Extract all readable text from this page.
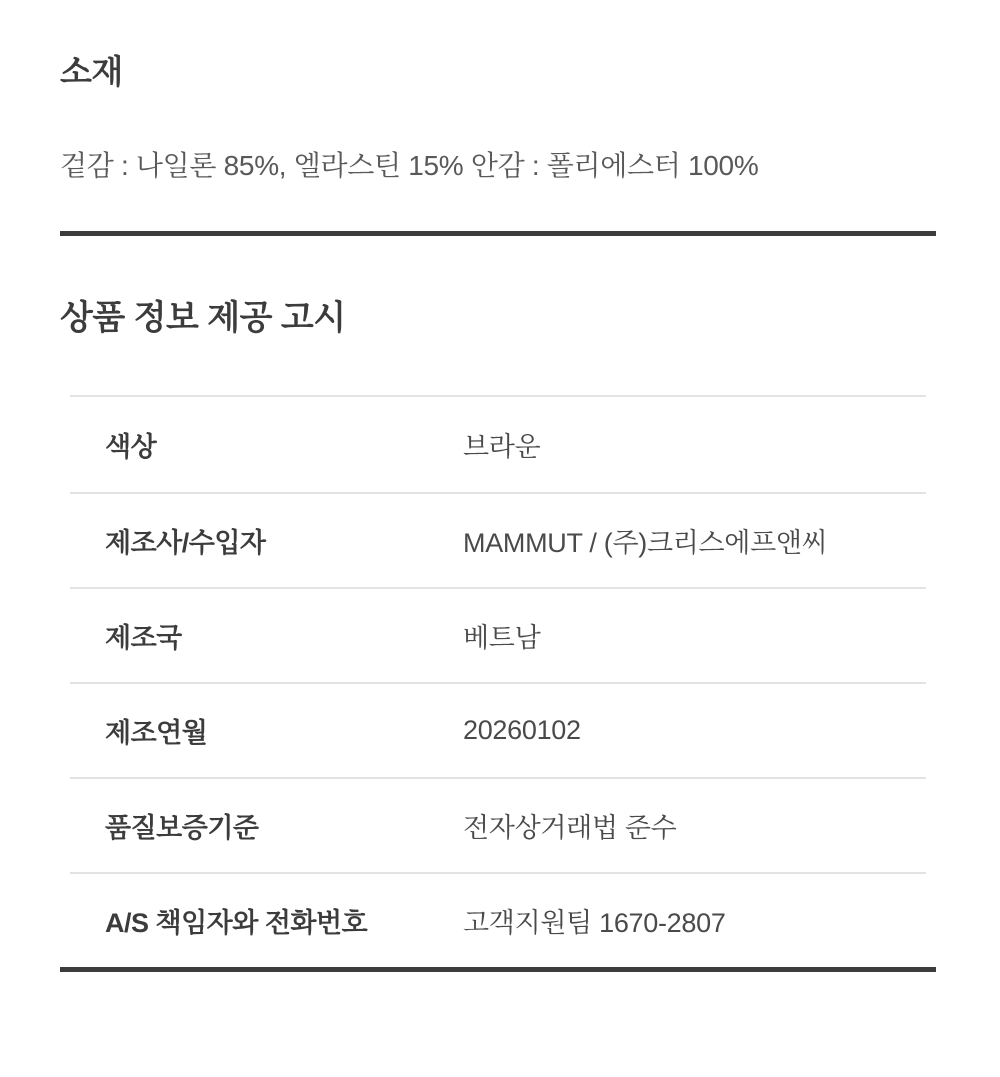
소재

겉감 : 나일론 85%, 엘라스틴 15% 안감 : 폴리에스터 100%

상품 정보 제공 고시
색상	브라운
제조사/수입자	MAMMUT / (주)크리스에프앤씨
제조국	베트남
제조연월	20260102
품질보증기준	전자상거래법 준수
A/S 책임자와 전화번호	고객지원팀 1670-2807
